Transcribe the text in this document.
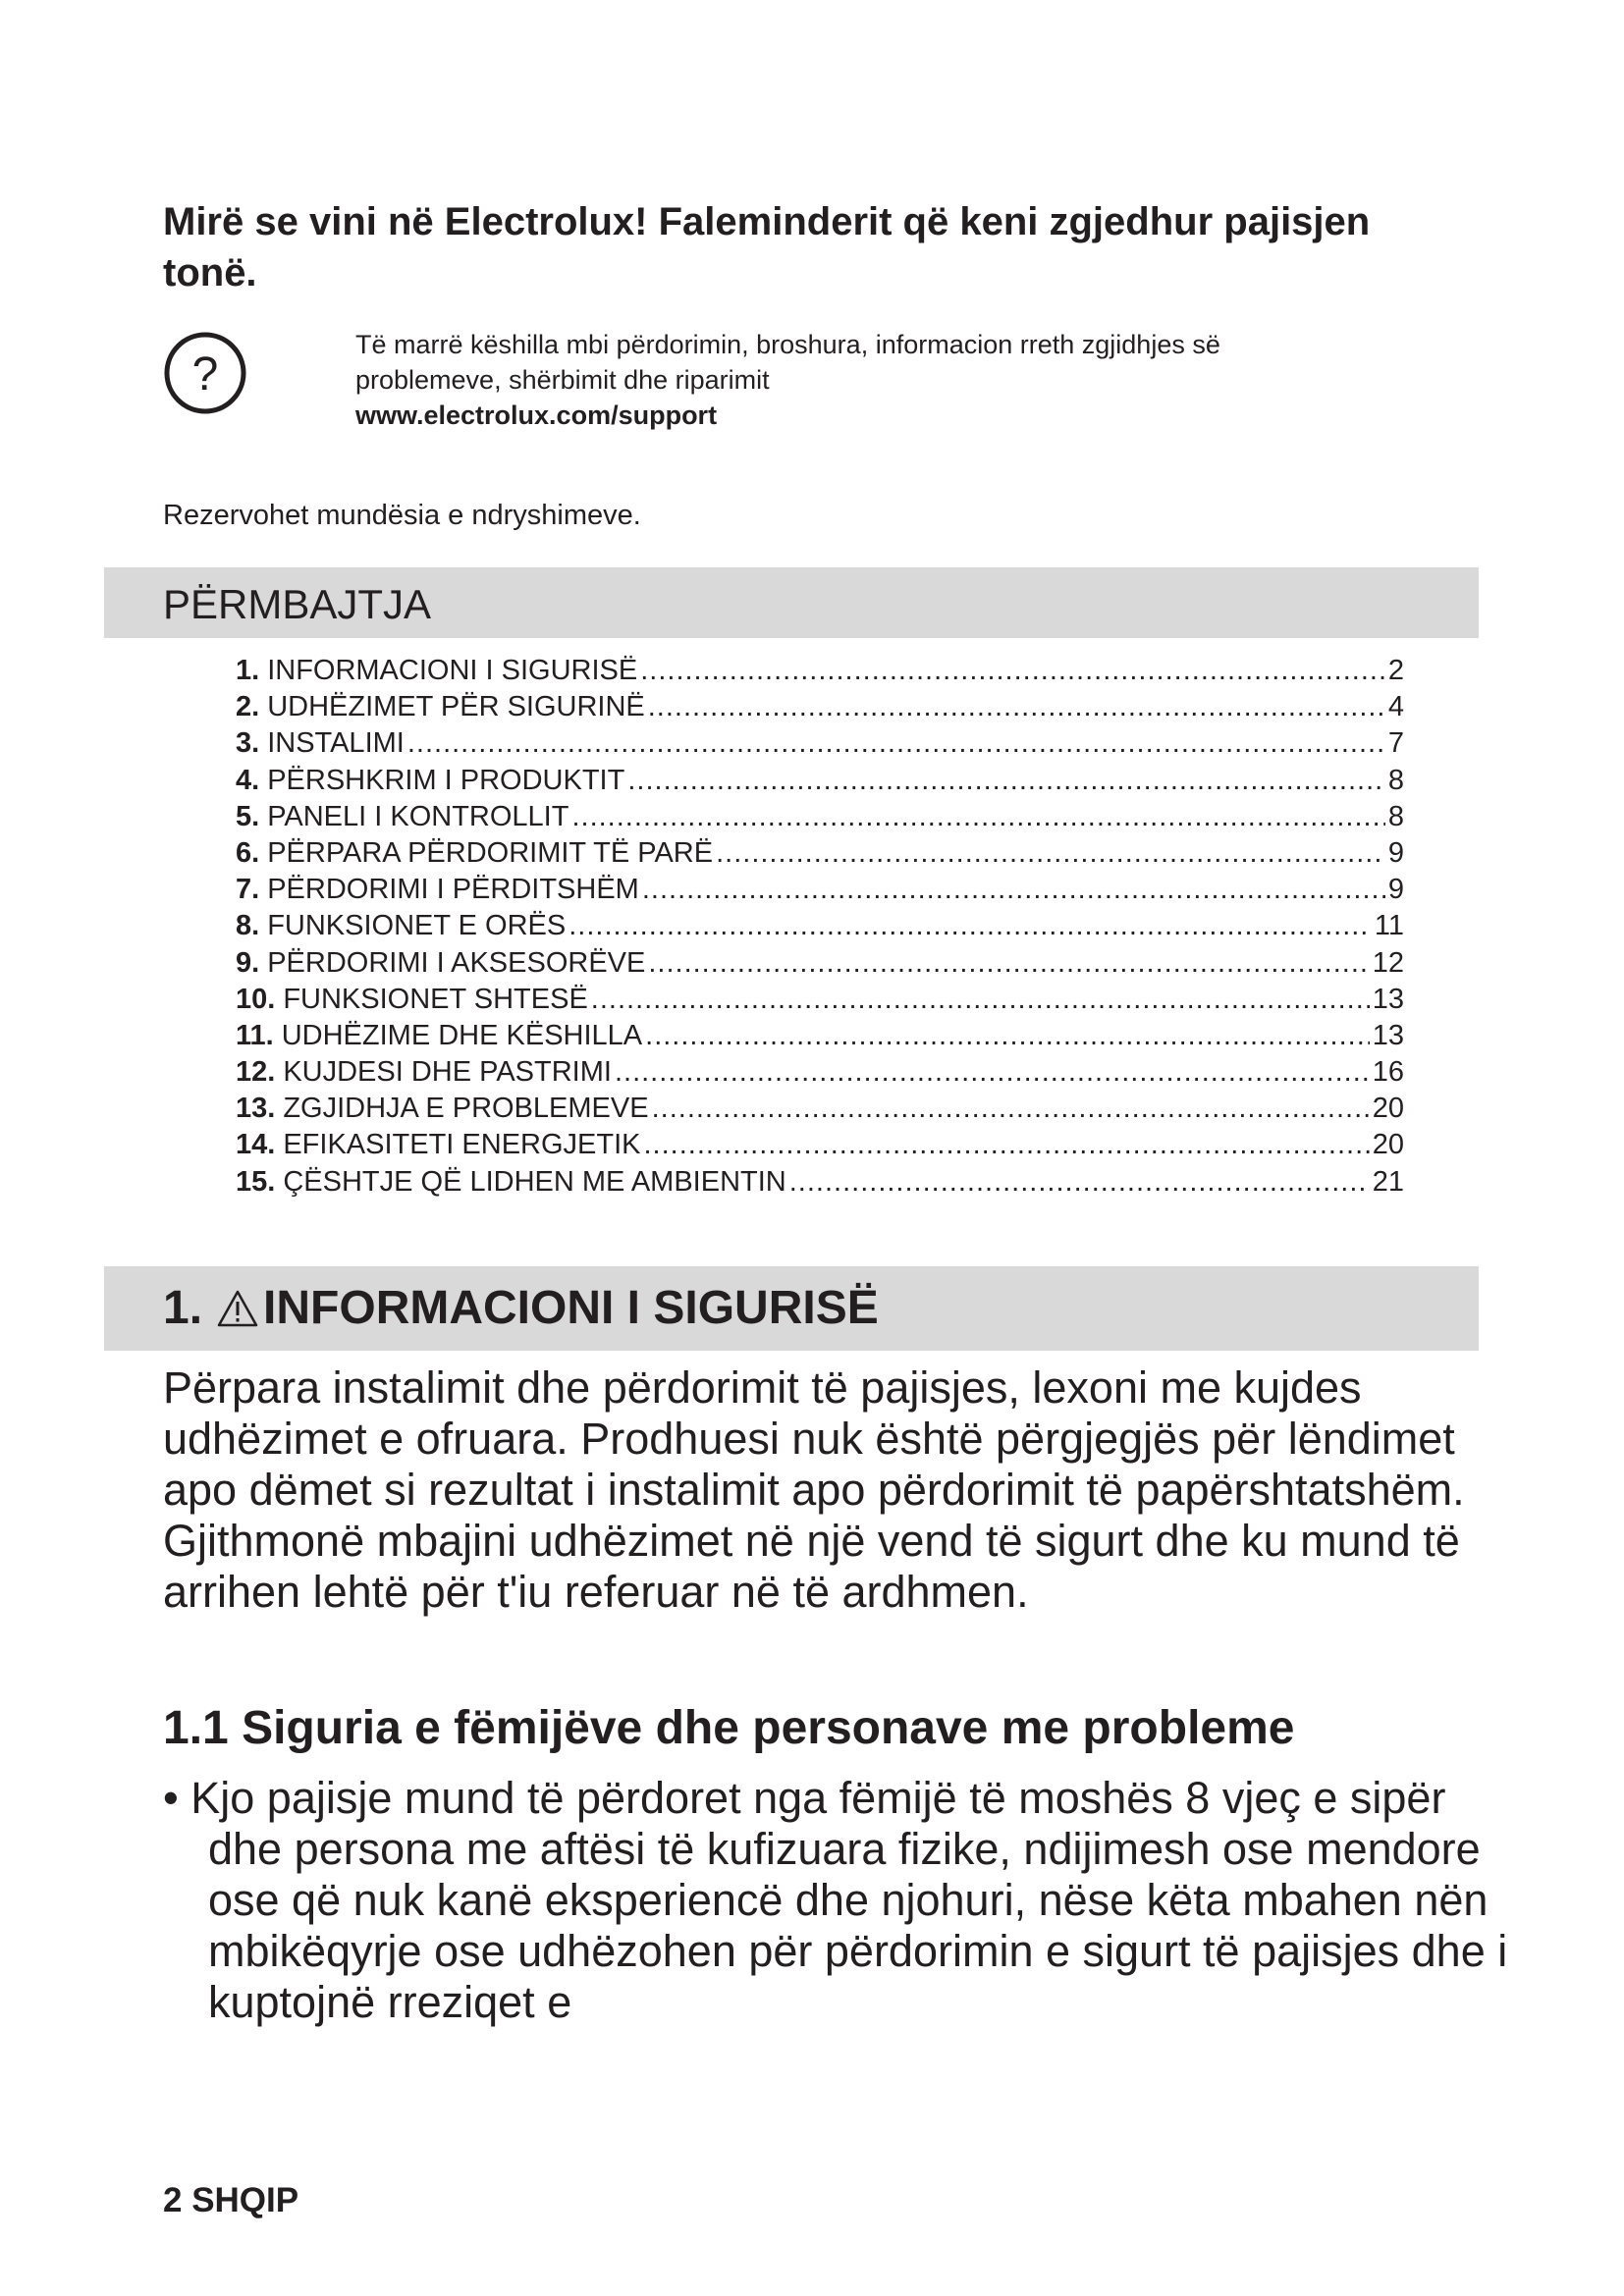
Mirë se vini në Electrolux! Faleminderit që keni zgjedhur pajisjen tonë.
?
Të marrë këshilla mbi përdorimin, broshura, informacion rreth zgjidhjes së
problemeve, shërbimit dhe riparimit
www.electrolux.com/support
Rezervohet mundësia e ndryshimeve.
PËRMBAJTJA
1. INFORMACIONI I SIGURISË .....	2
2. UDHËZIMET PËR SIGURINË .....	4
3. INSTALIMI .....	7
4. PËRSHKRIM I PRODUKTIT .....	8
5. PANELI I KONTROLLIT .....	8
6. PËRPARA PËRDORIMIT TË PARË .....	9
7. PËRDORIMI I PËRDITSHËM .....	9
8. FUNKSIONET E ORËS .....	11
9. PËRDORIMI I AKSESORËVE .....	12
10. FUNKSIONET SHTESË .....	13
11. UDHËZIME DHE KËSHILLA .....	13
12. KUJDESI DHE PASTRIMI .....	16
13. ZGJIDHJA E PROBLEMEVE .....	20
14. EFIKASITETI ENERGJETIK .....	20
15. ÇËSHTJE QË LIDHEN ME AMBIENTIN .....	21
1. INFORMACIONI I SIGURISË

Përpara instalimit dhe përdorimit të pajisjes, lexoni me kujdes udhëzimet e ofruara. Prodhuesi nuk është përgjegjës për lëndimet apo dëmet si rezultat i instalimit apo përdorimit të papërshtatshëm. Gjithmonë mbajini udhëzimet në një vend të sigurt dhe ku mund të arrihen lehtë për t'iu referuar në të ardhmen.

1.1 Siguria e fëmijëve dhe personave me probleme

• Kjo pajisje mund të përdoret nga fëmijë të moshës 8 vjeç e sipër dhe persona me aftësi të kufizuara fizike, ndijimesh ose mendore ose që nuk kanë eksperiencë dhe njohuri, nëse këta mbahen nën mbikëqyrje ose udhëzohen për përdorimin e sigurt të pajisjes dhe i kuptojnë rreziqet e

2 SHQIP
